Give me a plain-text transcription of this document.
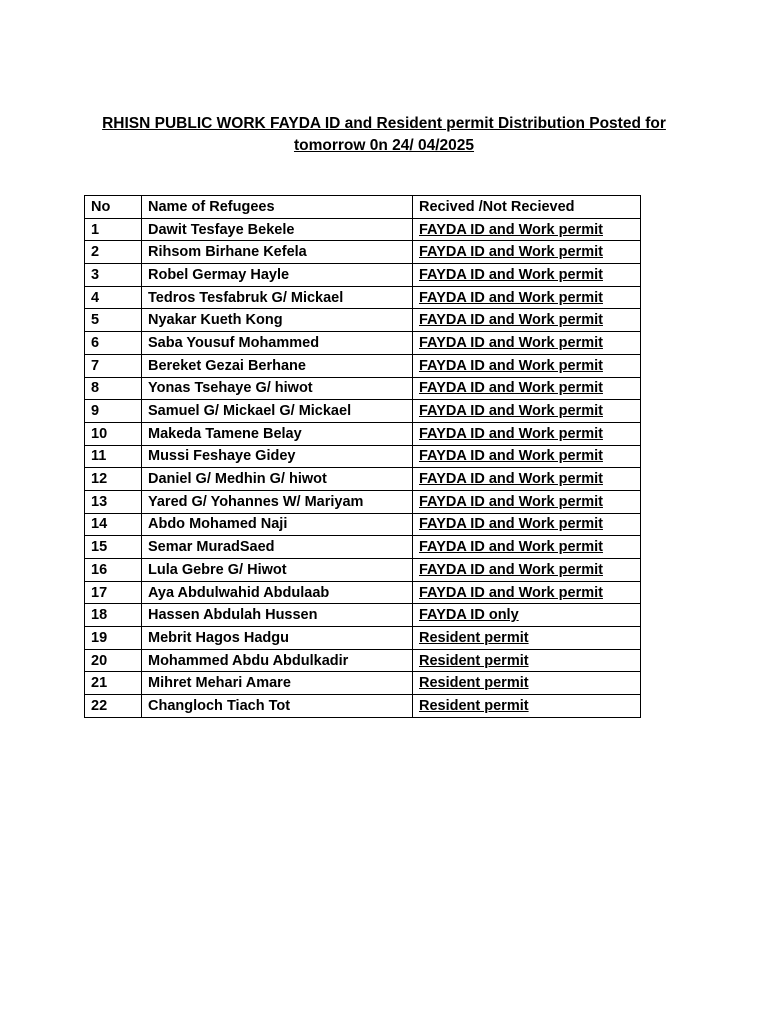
RHISN PUBLIC WORK FAYDA ID and Resident permit Distribution Posted for
tomorrow 0n 24/ 04/2025
No	Name of Refugees	Recived /Not Recieved
1	Dawit Tesfaye Bekele	FAYDA ID and Work permit
2	Rihsom Birhane Kefela	FAYDA ID and Work permit
3	Robel Germay Hayle	FAYDA ID and Work permit
4	Tedros Tesfabruk G/ Mickael	FAYDA ID and Work permit
5	Nyakar Kueth Kong	FAYDA ID and Work permit
6	Saba Yousuf Mohammed	FAYDA ID and Work permit
7	Bereket Gezai Berhane	FAYDA ID and Work permit
8	Yonas Tsehaye G/ hiwot	FAYDA ID and Work permit
9	Samuel G/ Mickael G/ Mickael	FAYDA ID and Work permit
10	Makeda Tamene Belay	FAYDA ID and Work permit
11	Mussi Feshaye Gidey	FAYDA ID and Work permit
12	Daniel G/ Medhin G/ hiwot	FAYDA ID and Work permit
13	Yared G/ Yohannes W/ Mariyam	FAYDA ID and Work permit
14	Abdo Mohamed Naji	FAYDA ID and Work permit
15	Semar MuradSaed	FAYDA ID and Work permit
16	Lula Gebre G/ Hiwot	FAYDA ID and Work permit
17	Aya Abdulwahid Abdulaab	FAYDA ID and Work permit
18	Hassen Abdulah Hussen	FAYDA ID only
19	Mebrit Hagos Hadgu	Resident permit
20	Mohammed Abdu Abdulkadir	Resident permit
21	Mihret Mehari Amare	Resident permit
22	Changloch Tiach Tot	Resident permit
